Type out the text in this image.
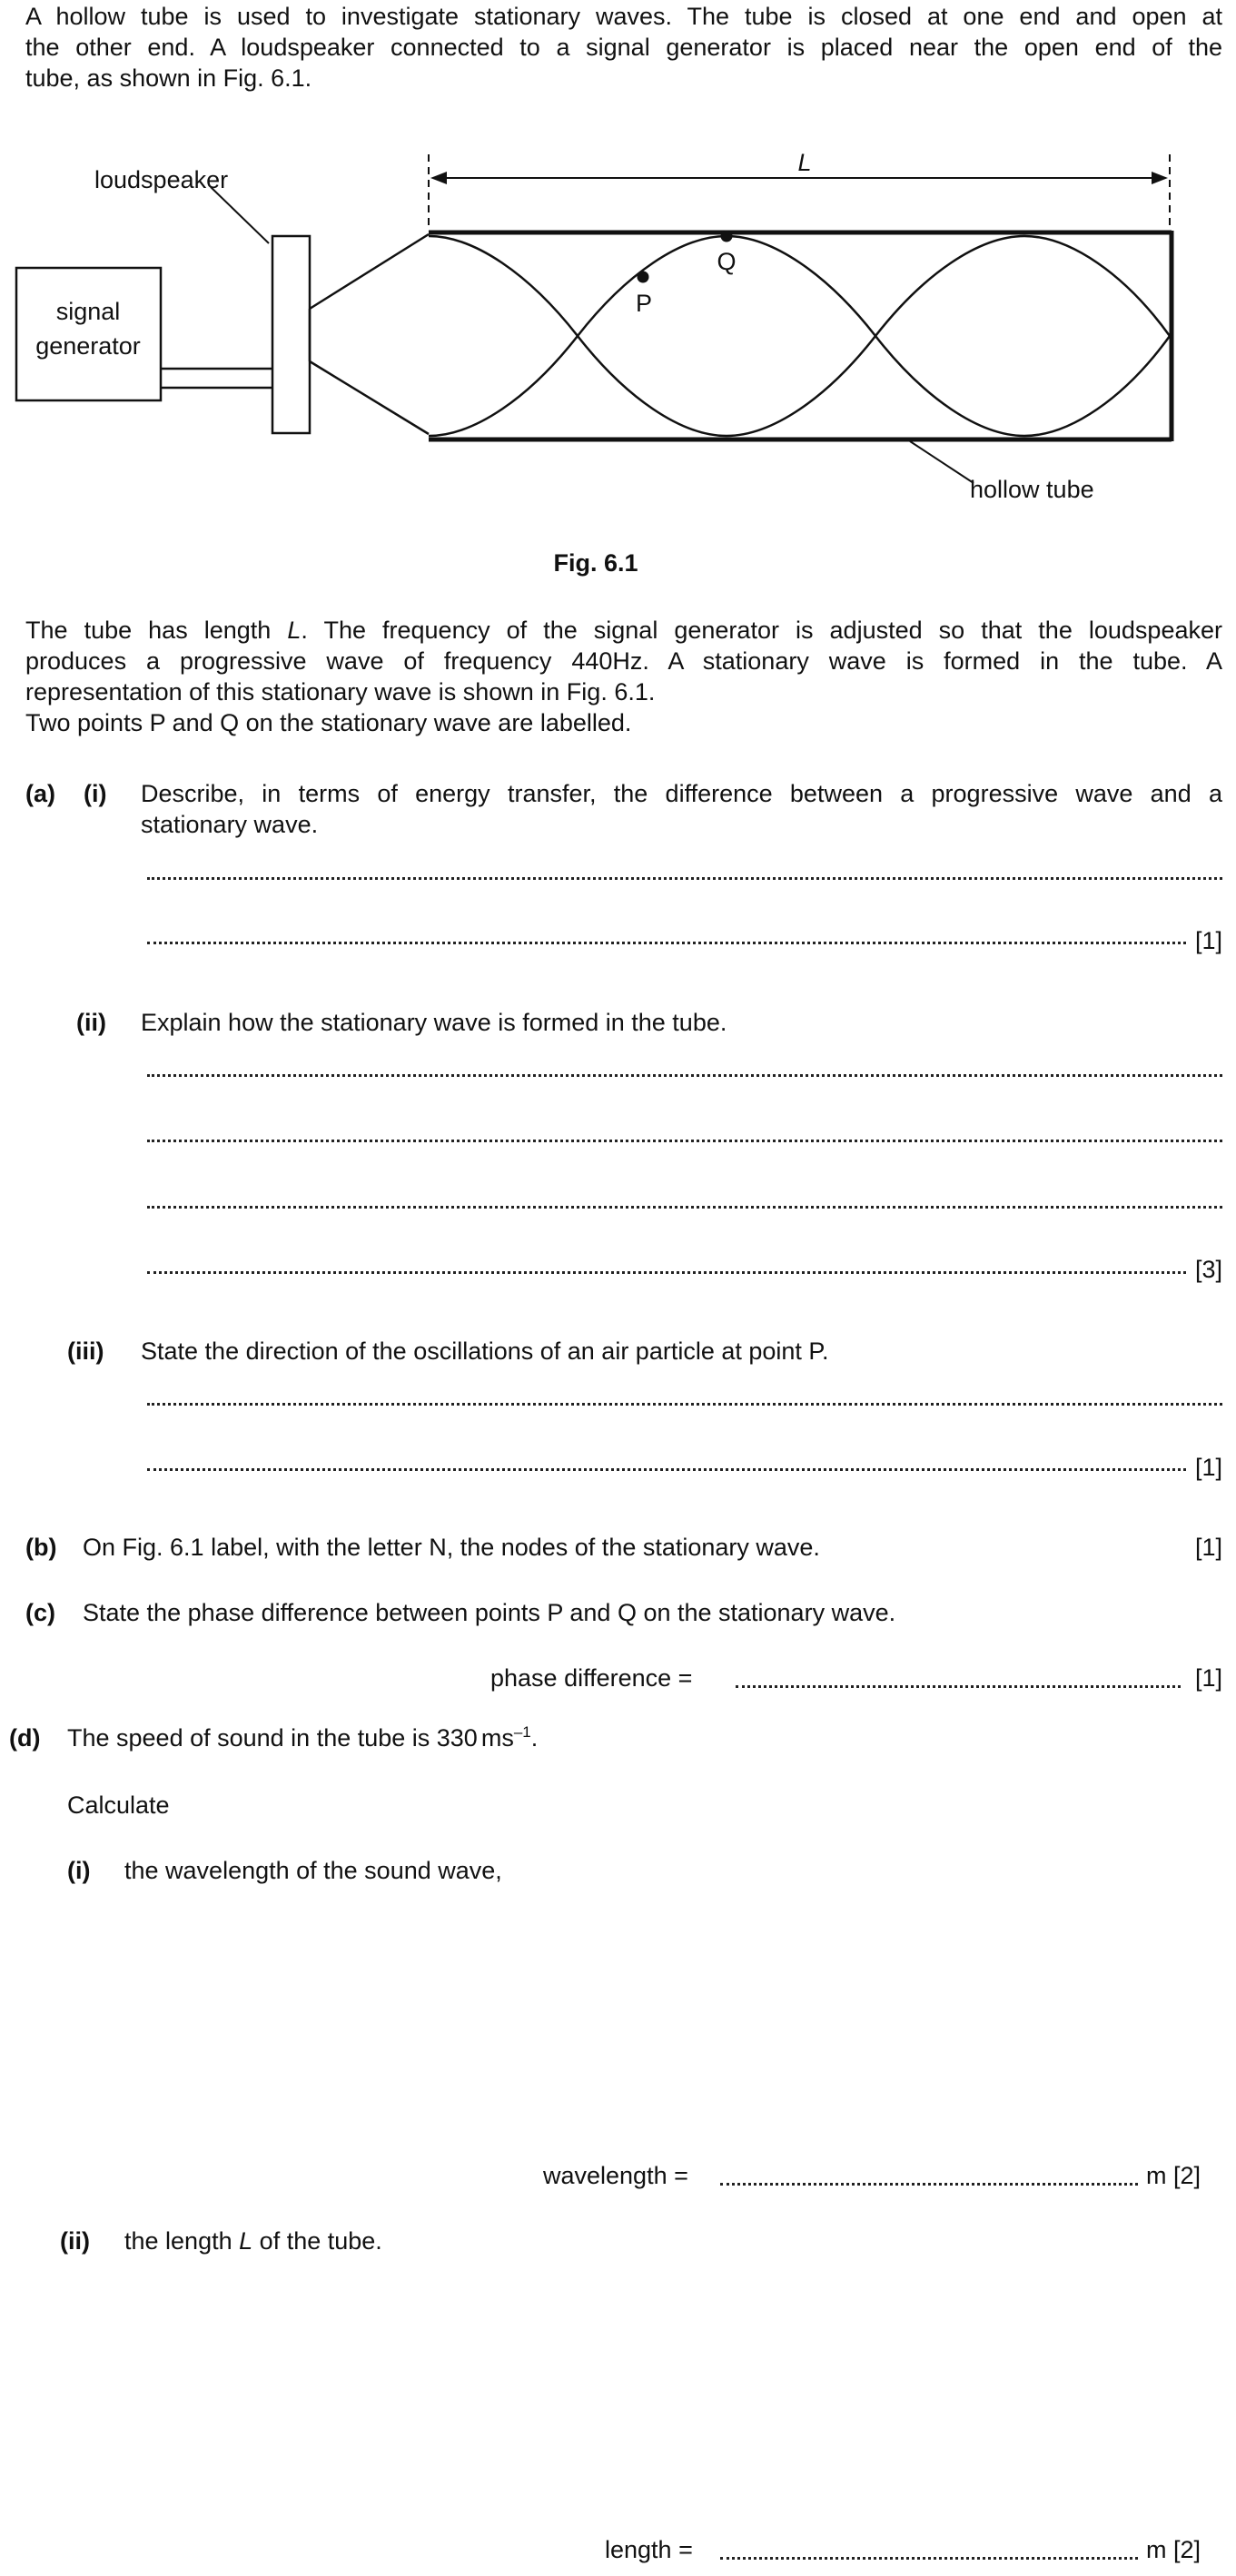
A hollow tube is used to investigate stationary waves. The tube is closed at one end and open at
the other end. A loudspeaker connected to a signal generator is placed near the open end of the
tube, as shown in Fig. 6.1.
loudspeaker
signal
generator
L
P
Q
hollow tube
Fig. 6.1
The tube has length L. The frequency of the signal generator is adjusted so that the loudspeaker
produces a progressive wave of frequency 440Hz. A stationary wave is formed in the tube. A
representation of this stationary wave is shown in Fig. 6.1.
Two points P and Q on the stationary wave are labelled.
(a) (i) Describe, in terms of energy transfer, the difference between a progressive wave and a
stationary wave.
[1]
(ii) Explain how the stationary wave is formed in the tube.
[3]
(iii) State the direction of the oscillations of an air particle at point P.
[1]
(b) On Fig. 6.1 label, with the letter N, the nodes of the stationary wave.	[1]
(c) State the phase difference between points P and Q on the stationary wave.
phase difference =	[1]
(d) The speed of sound in the tube is 330 $ms^{-1}$.
Calculate
(i) the wavelength of the sound wave,
wavelength =	m [2]
(ii) the length L of the tube.
length =	m [2]
